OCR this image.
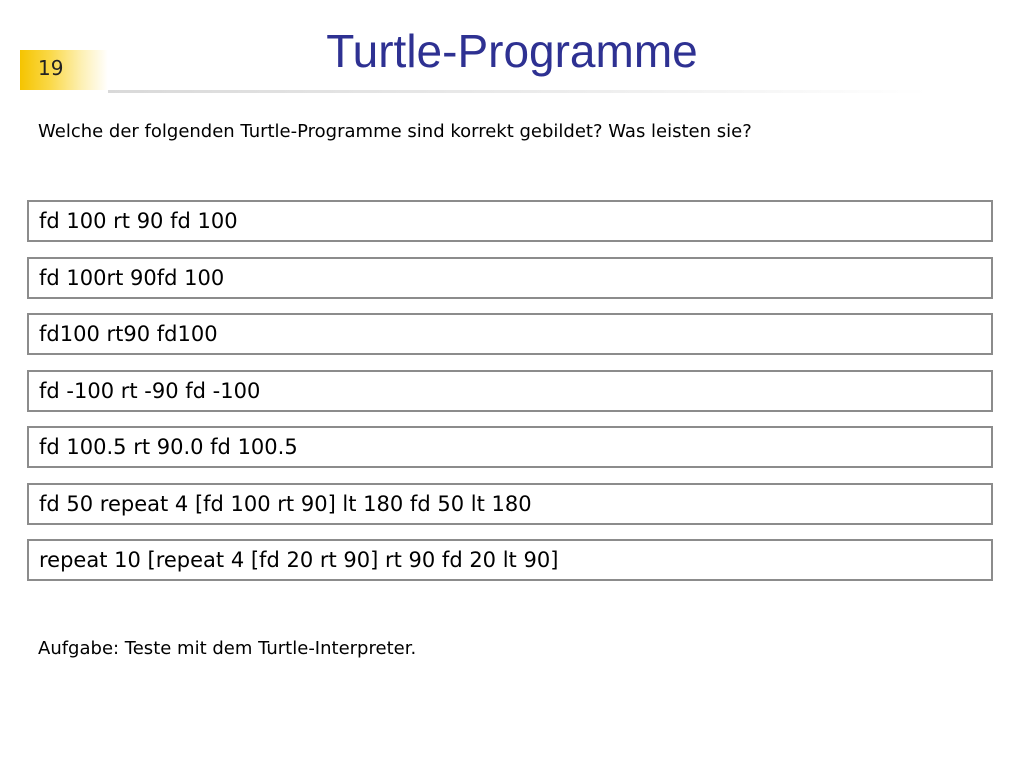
19	Turtle-Programme
Welche der folgenden Turtle-Programme sind korrekt gebildet? Was leisten sie?
fd 100 rt 90 fd 100
fd 100rt 90fd 100
fd100 rt90 fd100
fd -100 rt -90 fd -100
fd 100.5 rt 90.0 fd 100.5
fd 50 repeat 4 [fd 100 rt 90] lt 180 fd 50 lt 180
repeat 10 [repeat 4 [fd 20 rt 90] rt 90 fd 20 lt 90]
Aufgabe: Teste mit dem Turtle-Interpreter.
